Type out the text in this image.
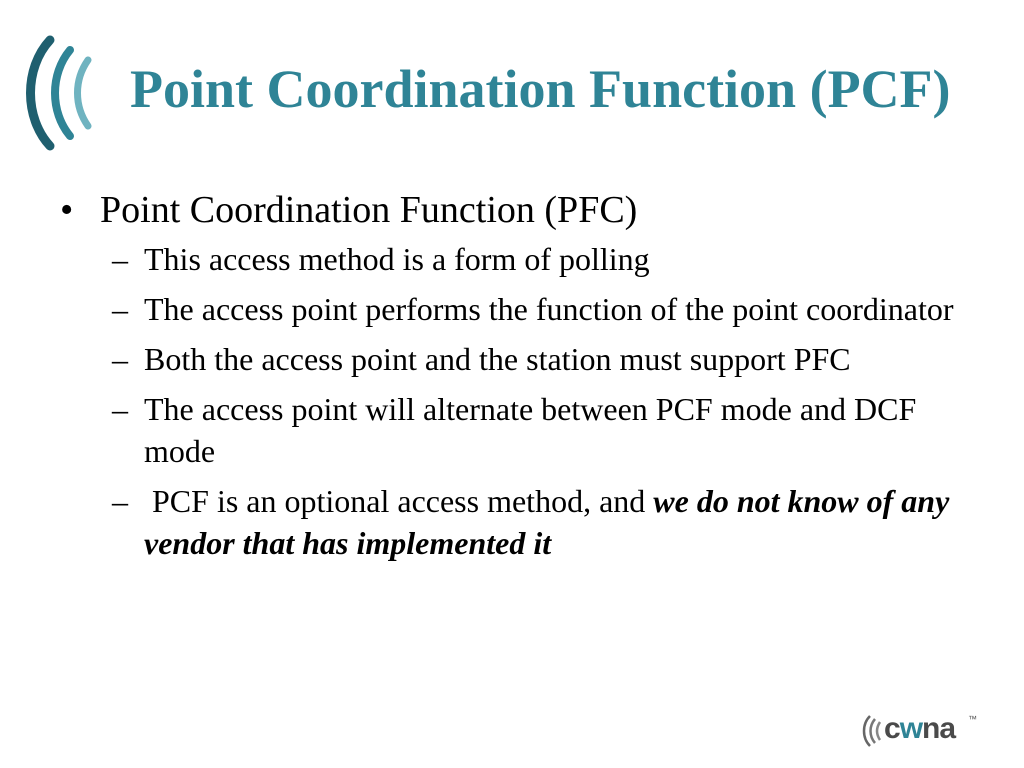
Point Coordination Function (PCF)
• Point Coordination Function (PFC)
– This access method is a form of polling
– The access point performs the function of the point coordinator
– Both the access point and the station must support PFC
– The access point will alternate between PCF mode and DCF mode
– PCF is an optional access method, and we do not know of any vendor that has implemented it
cwna ™
